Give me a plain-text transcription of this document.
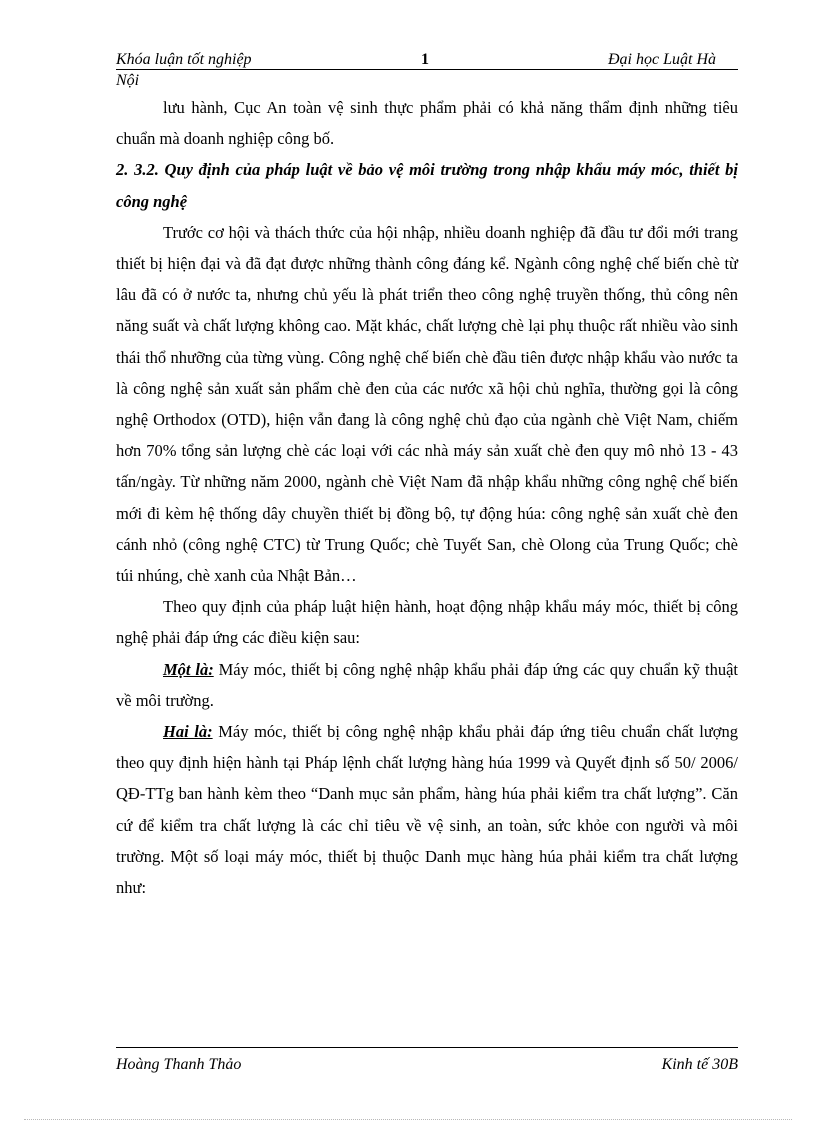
Khóa luận tốt nghiệp	1	Đại học Luật Hà
Nội

lưu hành, Cục An toàn vệ sinh thực phẩm phải có khả năng thẩm định những tiêu chuẩn mà doanh nghiệp công bố.

2. 3.2. Quy định của pháp luật về bảo vệ môi trường trong nhập khẩu máy móc, thiết bị công nghệ

Trước cơ hội và thách thức của hội nhập, nhiều doanh nghiệp đã đầu tư đổi mới trang thiết bị hiện đại và đã đạt được những thành công đáng kể. Ngành công nghệ chế biến chè từ lâu đã có ở nước ta, nhưng chủ yếu là phát triển theo công nghệ truyền thống, thủ công nên năng suất và chất lượng không cao. Mặt khác, chất lượng chè lại phụ thuộc rất nhiều vào sinh thái thổ nhưỡng của từng vùng. Công nghệ chế biến chè đầu tiên được nhập khẩu vào nước ta là công nghệ sản xuất sản phẩm chè đen của các nước xã hội chủ nghĩa, thường gọi là công nghệ Orthodox (OTD), hiện vẫn đang là công nghệ chủ đạo của ngành chè Việt Nam, chiếm hơn 70% tổng sản lượng chè các loại với các nhà máy sản xuất chè đen quy mô nhỏ 13 - 43 tấn/ngày. Từ những năm 2000, ngành chè Việt Nam đã nhập khẩu những công nghệ chế biến mới đi kèm hệ thống dây chuyền thiết bị đồng bộ, tự động húa: công nghệ sản xuất chè đen cánh nhỏ (công nghệ CTC) từ Trung Quốc; chè Tuyết San, chè Olong của Trung Quốc; chè túi nhúng, chè xanh của Nhật Bản…

Theo quy định của pháp luật hiện hành, hoạt động nhập khẩu máy móc, thiết bị công nghệ phải đáp ứng các điều kiện sau:

Một là: Máy móc, thiết bị công nghệ nhập khẩu phải đáp ứng các quy chuẩn kỹ thuật về môi trường.

Hai là: Máy móc, thiết bị công nghệ nhập khẩu phải đáp ứng tiêu chuẩn chất lượng theo quy định hiện hành tại Pháp lệnh chất lượng hàng húa 1999 và Quyết định số 50/ 2006/ QĐ-TTg ban hành kèm theo “Danh mục sản phẩm, hàng húa phải kiểm tra chất lượng”. Căn cứ để kiểm tra chất lượng là các chỉ tiêu về vệ sinh, an toàn, sức khỏe con người và môi trường. Một số loại máy móc, thiết bị thuộc Danh mục hàng húa phải kiểm tra chất lượng như:

Hoàng Thanh Thảo	Kinh tế 30B
